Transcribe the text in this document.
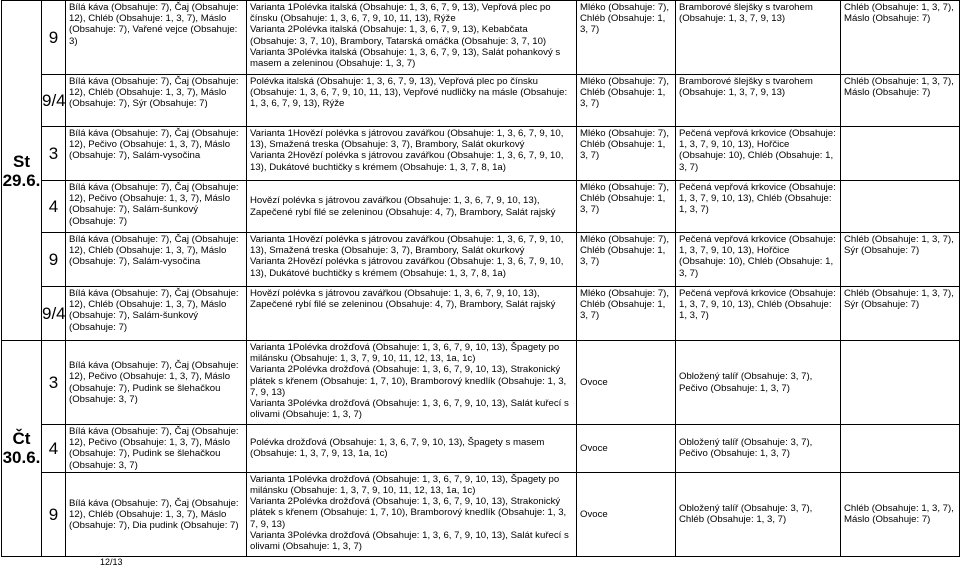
St
29.6.	9	Bílá káva (Obsahuje: 7), Čaj (Obsahuje: 12), Chléb (Obsahuje: 1, 3, 7), Máslo (Obsahuje: 7), Vařené vejce (Obsahuje: 3)	Varianta 1Polévka italská (Obsahuje: 1, 3, 6, 7, 9, 13), Vepřová plec po čínsku (Obsahuje: 1, 3, 6, 7, 9, 10, 11, 13), Rýže
Varianta 2Polévka italská (Obsahuje: 1, 3, 6, 7, 9, 13), Kebabčata (Obsahuje: 3, 7, 10), Brambory, Tatarská omáčka (Obsahuje: 3, 7, 10)
Varianta 3Polévka italská (Obsahuje: 1, 3, 6, 7, 9, 13), Salát pohankový s masem a zeleninou (Obsahuje: 1, 3, 7)	Mléko (Obsahuje: 7), Chléb (Obsahuje: 1, 3, 7)	Bramborové šlejšky s tvarohem (Obsahuje: 1, 3, 7, 9, 13)	Chléb (Obsahuje: 1, 3, 7), Máslo (Obsahuje: 7)
	9/4	Bílá káva (Obsahuje: 7), Čaj (Obsahuje: 12), Chléb (Obsahuje: 1, 3, 7), Máslo (Obsahuje: 7), Sýr (Obsahuje: 7)	Polévka italská (Obsahuje: 1, 3, 6, 7, 9, 13), Vepřová plec po čínsku (Obsahuje: 1, 3, 6, 7, 9, 10, 11, 13), Vepřové nudličky na másle (Obsahuje: 1, 3, 6, 7, 9, 13), Rýže	Mléko (Obsahuje: 7), Chléb (Obsahuje: 1, 3, 7)	Bramborové šlejšky s tvarohem (Obsahuje: 1, 3, 7, 9, 13)	Chléb (Obsahuje: 1, 3, 7), Máslo (Obsahuje: 7)
	3	Bílá káva (Obsahuje: 7), Čaj (Obsahuje: 12), Pečivo (Obsahuje: 1, 3, 7), Máslo (Obsahuje: 7), Salám-vysočina	Varianta 1Hovězí polévka s játrovou zavářkou (Obsahuje: 1, 3, 6, 7, 9, 10, 13), Smažená treska (Obsahuje: 3, 7), Brambory, Salát okurkový
Varianta 2Hovězí polévka s játrovou zavářkou (Obsahuje: 1, 3, 6, 7, 9, 10, 13), Dukátové buchtičky s krémem (Obsahuje: 1, 3, 7, 8, 1a)	Mléko (Obsahuje: 7), Chléb (Obsahuje: 1, 3, 7)	Pečená vepřová krkovice (Obsahuje: 1, 3, 7, 9, 10, 13), Hořčice (Obsahuje: 10), Chléb (Obsahuje: 1, 3, 7)	
	4	Bílá káva (Obsahuje: 7), Čaj (Obsahuje: 12), Pečivo (Obsahuje: 1, 3, 7), Máslo (Obsahuje: 7), Salám-šunkový (Obsahuje: 7)	Hovězí polévka s játrovou zavářkou (Obsahuje: 1, 3, 6, 7, 9, 10, 13), Zapečené rybí filé se zeleninou (Obsahuje: 4, 7), Brambory, Salát rajský	Mléko (Obsahuje: 7), Chléb (Obsahuje: 1, 3, 7)	Pečená vepřová krkovice (Obsahuje: 1, 3, 7, 9, 10, 13), Chléb (Obsahuje: 1, 3, 7)	
	9	Bílá káva (Obsahuje: 7), Čaj (Obsahuje: 12), Chléb (Obsahuje: 1, 3, 7), Máslo (Obsahuje: 7), Salám-vysočina	Varianta 1Hovězí polévka s játrovou zavářkou (Obsahuje: 1, 3, 6, 7, 9, 10, 13), Smažená treska (Obsahuje: 3, 7), Brambory, Salát okurkový
Varianta 2Hovězí polévka s játrovou zavářkou (Obsahuje: 1, 3, 6, 7, 9, 10, 13), Dukátové buchtičky s krémem (Obsahuje: 1, 3, 7, 8, 1a)	Mléko (Obsahuje: 7), Chléb (Obsahuje: 1, 3, 7)	Pečená vepřová krkovice (Obsahuje: 1, 3, 7, 9, 10, 13), Hořčice (Obsahuje: 10), Chléb (Obsahuje: 1, 3, 7)	Chléb (Obsahuje: 1, 3, 7), Sýr (Obsahuje: 7)
	9/4	Bílá káva (Obsahuje: 7), Čaj (Obsahuje: 12), Chléb (Obsahuje: 1, 3, 7), Máslo (Obsahuje: 7), Salám-šunkový (Obsahuje: 7)	Hovězí polévka s játrovou zavářkou (Obsahuje: 1, 3, 6, 7, 9, 10, 13), Zapečené rybí filé se zeleninou (Obsahuje: 4, 7), Brambory, Salát rajský	Mléko (Obsahuje: 7), Chléb (Obsahuje: 1, 3, 7)	Pečená vepřová krkovice (Obsahuje: 1, 3, 7, 9, 10, 13), Chléb (Obsahuje: 1, 3, 7)	Chléb (Obsahuje: 1, 3, 7), Sýr (Obsahuje: 7)
Čt
30.6.	3	Bílá káva (Obsahuje: 7), Čaj (Obsahuje: 12), Pečivo (Obsahuje: 1, 3, 7), Máslo (Obsahuje: 7), Pudink se šlehačkou (Obsahuje: 3, 7)	Varianta 1Polévka drožďová (Obsahuje: 1, 3, 6, 7, 9, 10, 13), Špagety po milánsku (Obsahuje: 1, 3, 7, 9, 10, 11, 12, 13, 1a, 1c)
Varianta 2Polévka drožďová (Obsahuje: 1, 3, 6, 7, 9, 10, 13), Strakonický plátek s křenem (Obsahuje: 1, 7, 10), Bramborový knedlík (Obsahuje: 1, 3, 7, 9, 13)
Varianta 3Polévka drožďová (Obsahuje: 1, 3, 6, 7, 9, 10, 13), Salát kuřecí s olivami (Obsahuje: 1, 3, 7)	Ovoce	Obložený talíř (Obsahuje: 3, 7), Pečivo (Obsahuje: 1, 3, 7)	
	4	Bílá káva (Obsahuje: 7), Čaj (Obsahuje: 12), Pečivo (Obsahuje: 1, 3, 7), Máslo (Obsahuje: 7), Pudink se šlehačkou (Obsahuje: 3, 7)	Polévka drožďová (Obsahuje: 1, 3, 6, 7, 9, 10, 13), Špagety s masem (Obsahuje: 1, 3, 7, 9, 13, 1a, 1c)	Ovoce	Obložený talíř (Obsahuje: 3, 7), Pečivo (Obsahuje: 1, 3, 7)	
	9	Bílá káva (Obsahuje: 7), Čaj (Obsahuje: 12), Chléb (Obsahuje: 1, 3, 7), Máslo (Obsahuje: 7), Dia pudink (Obsahuje: 7)	Varianta 1Polévka drožďová (Obsahuje: 1, 3, 6, 7, 9, 10, 13), Špagety po milánsku (Obsahuje: 1, 3, 7, 9, 10, 11, 12, 13, 1a, 1c)
Varianta 2Polévka drožďová (Obsahuje: 1, 3, 6, 7, 9, 10, 13), Strakonický plátek s křenem (Obsahuje: 1, 7, 10), Bramborový knedlík (Obsahuje: 1, 3, 7, 9, 13)
Varianta 3Polévka drožďová (Obsahuje: 1, 3, 6, 7, 9, 10, 13), Salát kuřecí s olivami (Obsahuje: 1, 3, 7)	Ovoce	Obložený talíř (Obsahuje: 3, 7), Chléb (Obsahuje: 1, 3, 7)	Chléb (Obsahuje: 1, 3, 7), Máslo (Obsahuje: 7)
12/13
